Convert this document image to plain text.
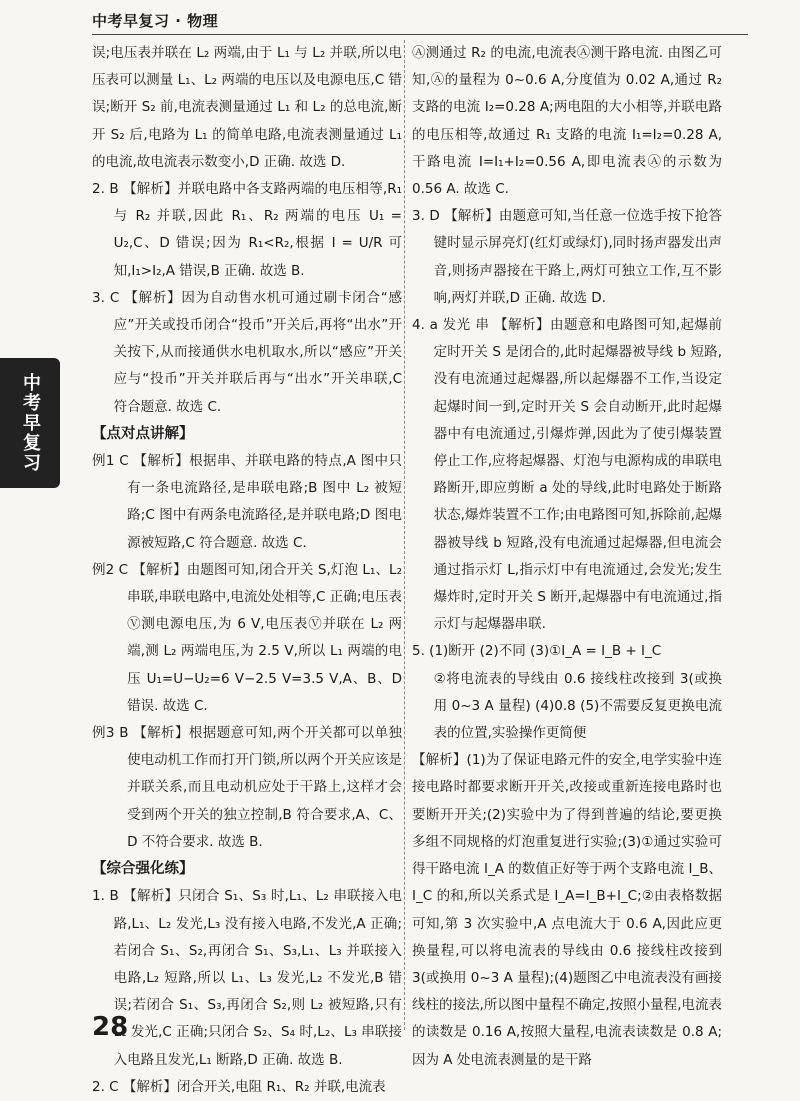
中考早复习 · 物理
中考早复习

误;电压表并联在 L₂ 两端,由于 L₁ 与 L₂ 并联,所以电压表可以测量 L₁、L₂ 两端的电压以及电源电压,C 错误;断开 S₂ 前,电流表测量通过 L₁ 和 L₂ 的总电流,断开 S₂ 后,电路为 L₁ 的简单电路,电流表测量通过 L₁ 的电流,故电流表示数变小,D 正确. 故选 D.

2. B 【解析】并联电路中各支路两端的电压相等,R₁ 与 R₂ 并联,因此 R₁、R₂ 两端的电压 U₁ = U₂,C、D 错误;因为 R₁<R₂,根据 I = U/R 可知,I₁>I₂,A 错误,B 正确. 故选 B.

3. C 【解析】因为自动售水机可通过刷卡闭合“感应”开关或投币闭合“投币”开关后,再将“出水”开关按下,从而接通供水电机取水,所以“感应”开关应与“投币”开关并联后再与“出水”开关串联,C 符合题意. 故选 C.

【点对点讲解】

例1 C 【解析】根据串、并联电路的特点,A 图中只有一条电流路径,是串联电路;B 图中 L₂ 被短路;C 图中有两条电流路径,是并联电路;D 图电源被短路,C 符合题意. 故选 C.

例2 C 【解析】由题图可知,闭合开关 S,灯泡 L₁、L₂ 串联,串联电路中,电流处处相等,C 正确;电压表Ⓥ测电源电压,为 6 V,电压表Ⓥ并联在 L₂ 两端,测 L₂ 两端电压,为 2.5 V,所以 L₁ 两端的电压 U₁=U−U₂=6 V−2.5 V=3.5 V,A、B、D 错误. 故选 C.

例3 B 【解析】根据题意可知,两个开关都可以单独使电动机工作而打开门锁,所以两个开关应该是并联关系,而且电动机应处于干路上,这样才会受到两个开关的独立控制,B 符合要求,A、C、D 不符合要求. 故选 B.

【综合强化练】

1. B 【解析】只闭合 S₁、S₃ 时,L₁、L₂ 串联接入电路,L₁、L₂ 发光,L₃ 没有接入电路,不发光,A 正确;若闭合 S₁、S₂,再闭合 S₁、S₃,L₁、L₃ 并联接入电路,L₂ 短路,所以 L₁、L₃ 发光,L₂ 不发光,B 错误;若闭合 S₁、S₃,再闭合 S₂,则 L₂ 被短路,只有 L₁ 发光,C 正确;只闭合 S₂、S₄ 时,L₂、L₃ 串联接入电路且发光,L₁ 断路,D 正确. 故选 B.

2. C 【解析】闭合开关,电阻 R₁、R₂ 并联,电流表

Ⓐ测通过 R₂ 的电流,电流表Ⓐ测干路电流. 由图乙可知,Ⓐ的量程为 0~0.6 A,分度值为 0.02 A,通过 R₂ 支路的电流 I₂=0.28 A;两电阻的大小相等,并联电路的电压相等,故通过 R₁ 支路的电流 I₁=I₂=0.28 A,干路电流 I=I₁+I₂=0.56 A,即电流表Ⓐ的示数为 0.56 A. 故选 C.

3. D 【解析】由题意可知,当任意一位选手按下抢答键时显示屏亮灯(红灯或绿灯),同时扬声器发出声音,则扬声器接在干路上,两灯可独立工作,互不影响,两灯并联,D 正确. 故选 D.

4. a 发光 串 【解析】由题意和电路图可知,起爆前定时开关 S 是闭合的,此时起爆器被导线 b 短路,没有电流通过起爆器,所以起爆器不工作,当设定起爆时间一到,定时开关 S 会自动断开,此时起爆器中有电流通过,引爆炸弹,因此为了使引爆装置停止工作,应将起爆器、灯泡与电源构成的串联电路断开,即应剪断 a 处的导线,此时电路处于断路状态,爆炸装置不工作;由电路图可知,拆除前,起爆器被导线 b 短路,没有电流通过起爆器,但电流会通过指示灯 L,指示灯中有电流通过,会发光;发生爆炸时,定时开关 S 断开,起爆器中有电流通过,指示灯与起爆器串联.

5. (1)断开 (2)不同 (3)①I_A = I_B + I_C

②将电流表的导线由 0.6 接线柱改接到 3(或换用 0~3 A 量程) (4)0.8 (5)不需要反复更换电流表的位置,实验操作更简便

【解析】(1)为了保证电路元件的安全,电学实验中连接电路时都要求断开开关,改接或重新连接电路时也要断开开关;(2)实验中为了得到普遍的结论,要更换多组不同规格的灯泡重复进行实验;(3)①通过实验可得干路电流 I_A 的数值正好等于两个支路电流 I_B、I_C 的和,所以关系式是 I_A=I_B+I_C;②由表格数据可知,第 3 次实验中,A 点电流大于 0.6 A,因此应更换量程,可以将电流表的导线由 0.6 接线柱改接到 3(或换用 0~3 A 量程);(4)题图乙中电流表没有画接线柱的接法,所以图中量程不确定,按照小量程,电流表的读数是 0.16 A,按照大量程,电流表读数是 0.8 A;因为 A 处电流表测量的是干路

28
